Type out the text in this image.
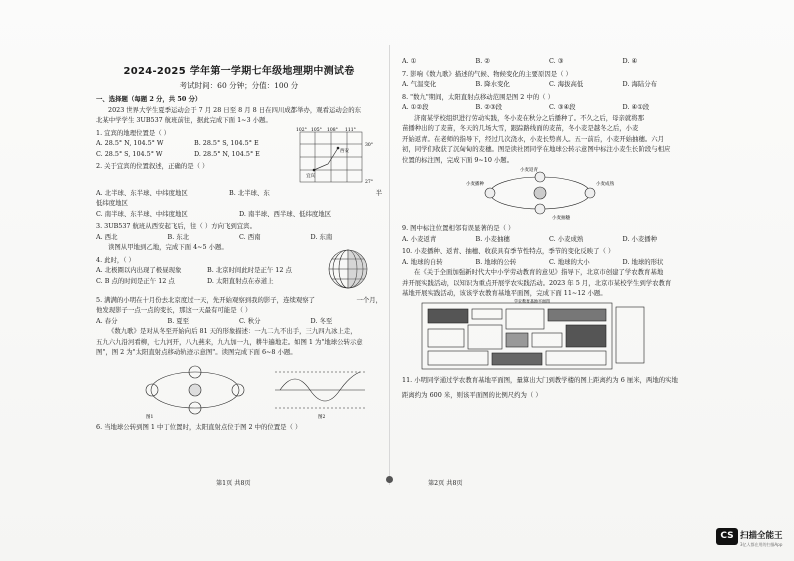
2024-2025 学年第一学期七年级地理期中测试卷
考试时间：60 分钟；分值：100 分
一、选择题（每题 2 分，共 50 分）
2023 世界大学生夏季运动会于 7 月 28 日至 8 月 8 日在四川成都举办，观看运动会的东
北某中学学生 3UB537 航班前往，据此完成下面 1~3 小题。
1. 宜宾的地理位置是（ ）
A. 28.5° N, 104.5° W	B. 28.5° S, 104.5° E
C. 28.5° S, 104.5° W	D. 28.5° N, 104.5° E
2. 关于宜宾的位置叙述，正确的是（ ）
102° 105° 108° 111°
30°
27°
西安
宜宾
A. 北半球、东半球、中纬度地区	B. 北半球、东	半
低纬度地区
C. 南半球、东半球、中纬度地区	D. 南半球、西半球、低纬度地区
3. 3UB537 航班从西安起飞后，往（ ）方向飞到宜宾。
A. 西北	B. 东北	C. 西南	D. 东南
读图从甲地到乙地，完成下面 4~5 小题。
4. 此时，（ ）
A. 北极圈以内出现了极昼现象	B. 北京时间此时是正午 12 点
C. B 点的时间是正午 12 点	D. 太阳直射点在赤道上
5. 满满的小明在十月份去北京度过一天，先开始观察到我的影子，连续观察了	一个月，
他发现影子一点一点的变长，那这一天最有可能是（ ）
A. 春分	B. 夏至	C. 秋分	D. 冬至
《数九歌》是对从冬至开始向后 81 天的形象描述：一九二九不出手，三九四九冰上走，
五九六九沿河看柳，七九河开，八九燕来，九九加一九，耕牛遍地走。如图 1 为"地球公转示意
图"，图 2 为"太阳直射点移动轨迹示意图"。读图完成下面 6~8 小题。
图1	图2
6. 当地球公转到图 1 中丁位置时，太阳直射点位于图 2 中的位置是（ ）
第1页 共8页
A. ①	B. ②	C. ③	D. ④
7. 影响《数九歌》描述的气候、物候变化的主要原因是（ ）
A. 气温变化	B. 降水变化	C. 海拔高低	D. 海陆分布
8. "数九"期间，太阳直射点移动范围是图 2 中的（ ）
A. ①②段	B. ②③段	C. ③④段	D. ④①段
济南某学校组织进行劳动实践，冬小麦在秋分之后播种了。不久之后，母亲就将那
苗播种出的了麦苗，冬天的几场大雪，跟踪路线面的麦苗，冬小麦是越冬之后，小麦
开始返青。在老师的指导下，经过几次浇水，小麦长势喜人。五一前后，小麦开始抽穗。六月
初，同学们收获了沉甸甸的麦穗。图是读社团同学在地球公转示意图中标注小麦生长阶段与相应
位置的标注图，完成下面 9~10 小题。
小麦返青
小麦播种	小麦成熟
小麦抽穗
9. 图中标注位置相邻有误显著的是（ ）
A. 小麦返青	B. 小麦抽穗	C. 小麦成熟	D. 小麦播种
10. 小麦播种、返青、抽穗、收获具有季节性特点，季节的变化反映了（ ）
A. 地球的自转	B. 地球的公转	C. 地球的大小	D. 地球的形状
在《关于全面加强新时代大中小学劳动教育的意见》指导下，北京市创建了学农教育基地
并开展实践活动，以知识为重点开展学农实践活动。2023 年 5 月，北京市某校学生到学农教育
基地开展实践活动，该该学农教育基地平面图，完成下面 11~12 小题。
学农教育基地平面图
11. 小明同学通过学农教育基地平面图，量算出大门到教学楼的图上距离约为 6 厘米，两地的实地
距离约为 600 米，则该平面图的比例尺约为（ ）
第2页 共8页
CS 扫描全能王
3亿人都在用的扫描App
